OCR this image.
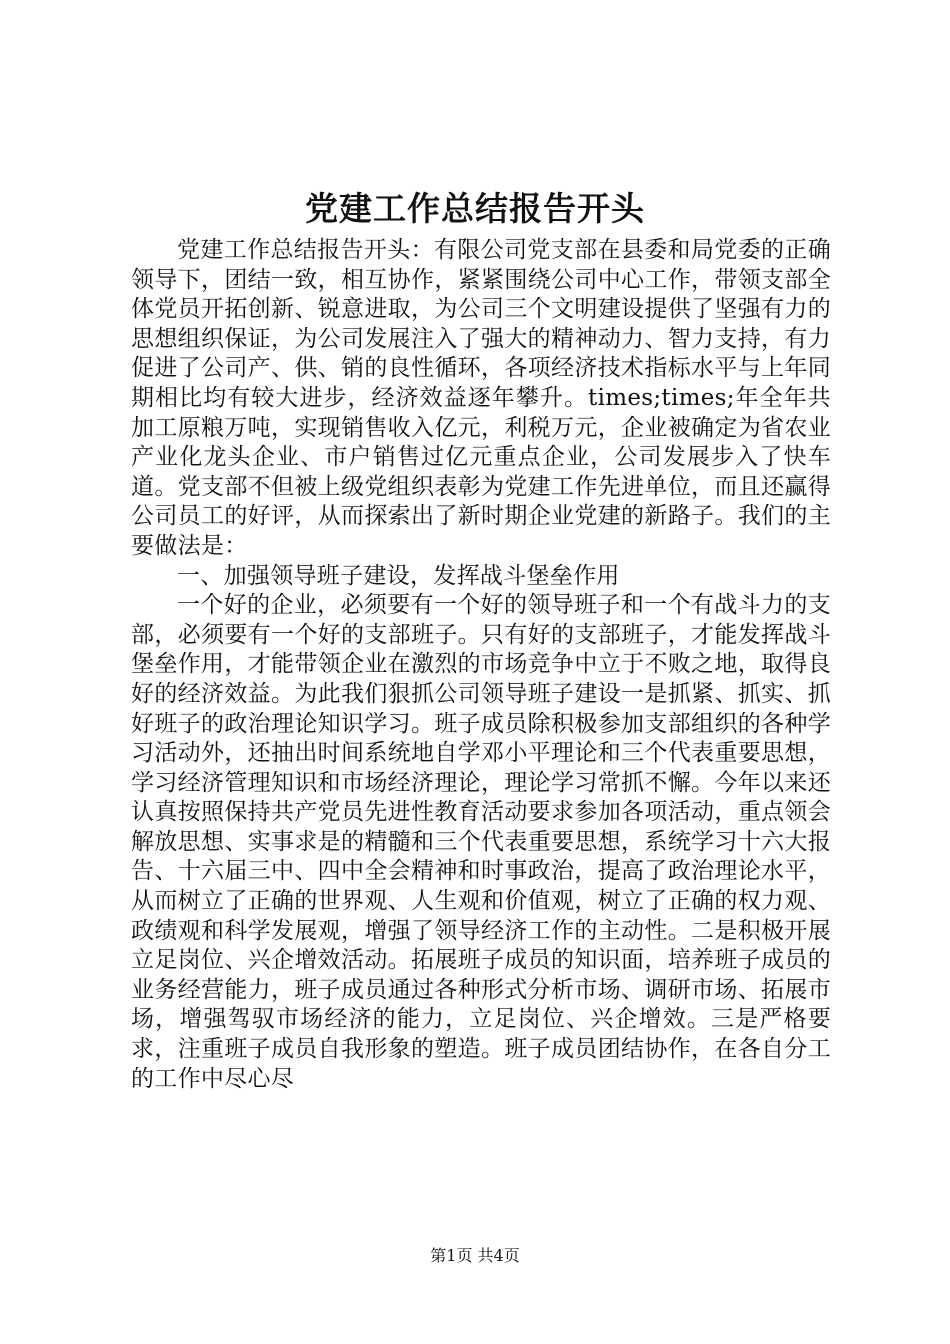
党建工作总结报告开头

党建工作总结报告开头：有限公司党支部在县委和局党委的正确领导下，团结一致，相互协作，紧紧围绕公司中心工作，带领支部全体党员开拓创新、锐意进取，为公司三个文明建设提供了坚强有力的思想组织保证，为公司发展注入了强大的精神动力、智力支持，有力促进了公司产、供、销的良性循环，各项经济技术指标水平与上年同期相比均有较大进步，经济效益逐年攀升。times;times;年全年共加工原粮万吨，实现销售收入亿元，利税万元，企业被确定为省农业产业化龙头企业、市户销售过亿元重点企业，公司发展步入了快车道。党支部不但被上级党组织表彰为党建工作先进单位，而且还赢得公司员工的好评，从而探索出了新时期企业党建的新路子。我们的主要做法是：

一、加强领导班子建设，发挥战斗堡垒作用

一个好的企业，必须要有一个好的领导班子和一个有战斗力的支部，必须要有一个好的支部班子。只有好的支部班子，才能发挥战斗堡垒作用，才能带领企业在激烈的市场竞争中立于不败之地，取得良好的经济效益。为此我们狠抓公司领导班子建设一是抓紧、抓实、抓好班子的政治理论知识学习。班子成员除积极参加支部组织的各种学习活动外，还抽出时间系统地自学邓小平理论和三个代表重要思想，学习经济管理知识和市场经济理论，理论学习常抓不懈。今年以来还认真按照保持共产党员先进性教育活动要求参加各项活动，重点领会解放思想、实事求是的精髓和三个代表重要思想，系统学习十六大报告、十六届三中、四中全会精神和时事政治，提高了政治理论水平，从而树立了正确的世界观、人生观和价值观，树立了正确的权力观、政绩观和科学发展观，增强了领导经济工作的主动性。二是积极开展立足岗位、兴企增效活动。拓展班子成员的知识面，培养班子成员的业务经营能力，班子成员通过各种形式分析市场、调研市场、拓展市场，增强驾驭市场经济的能力，立足岗位、兴企增效。三是严格要求，注重班子成员自我形象的塑造。班子成员团结协作，在各自分工的工作中尽心尽

第1页 共4页
